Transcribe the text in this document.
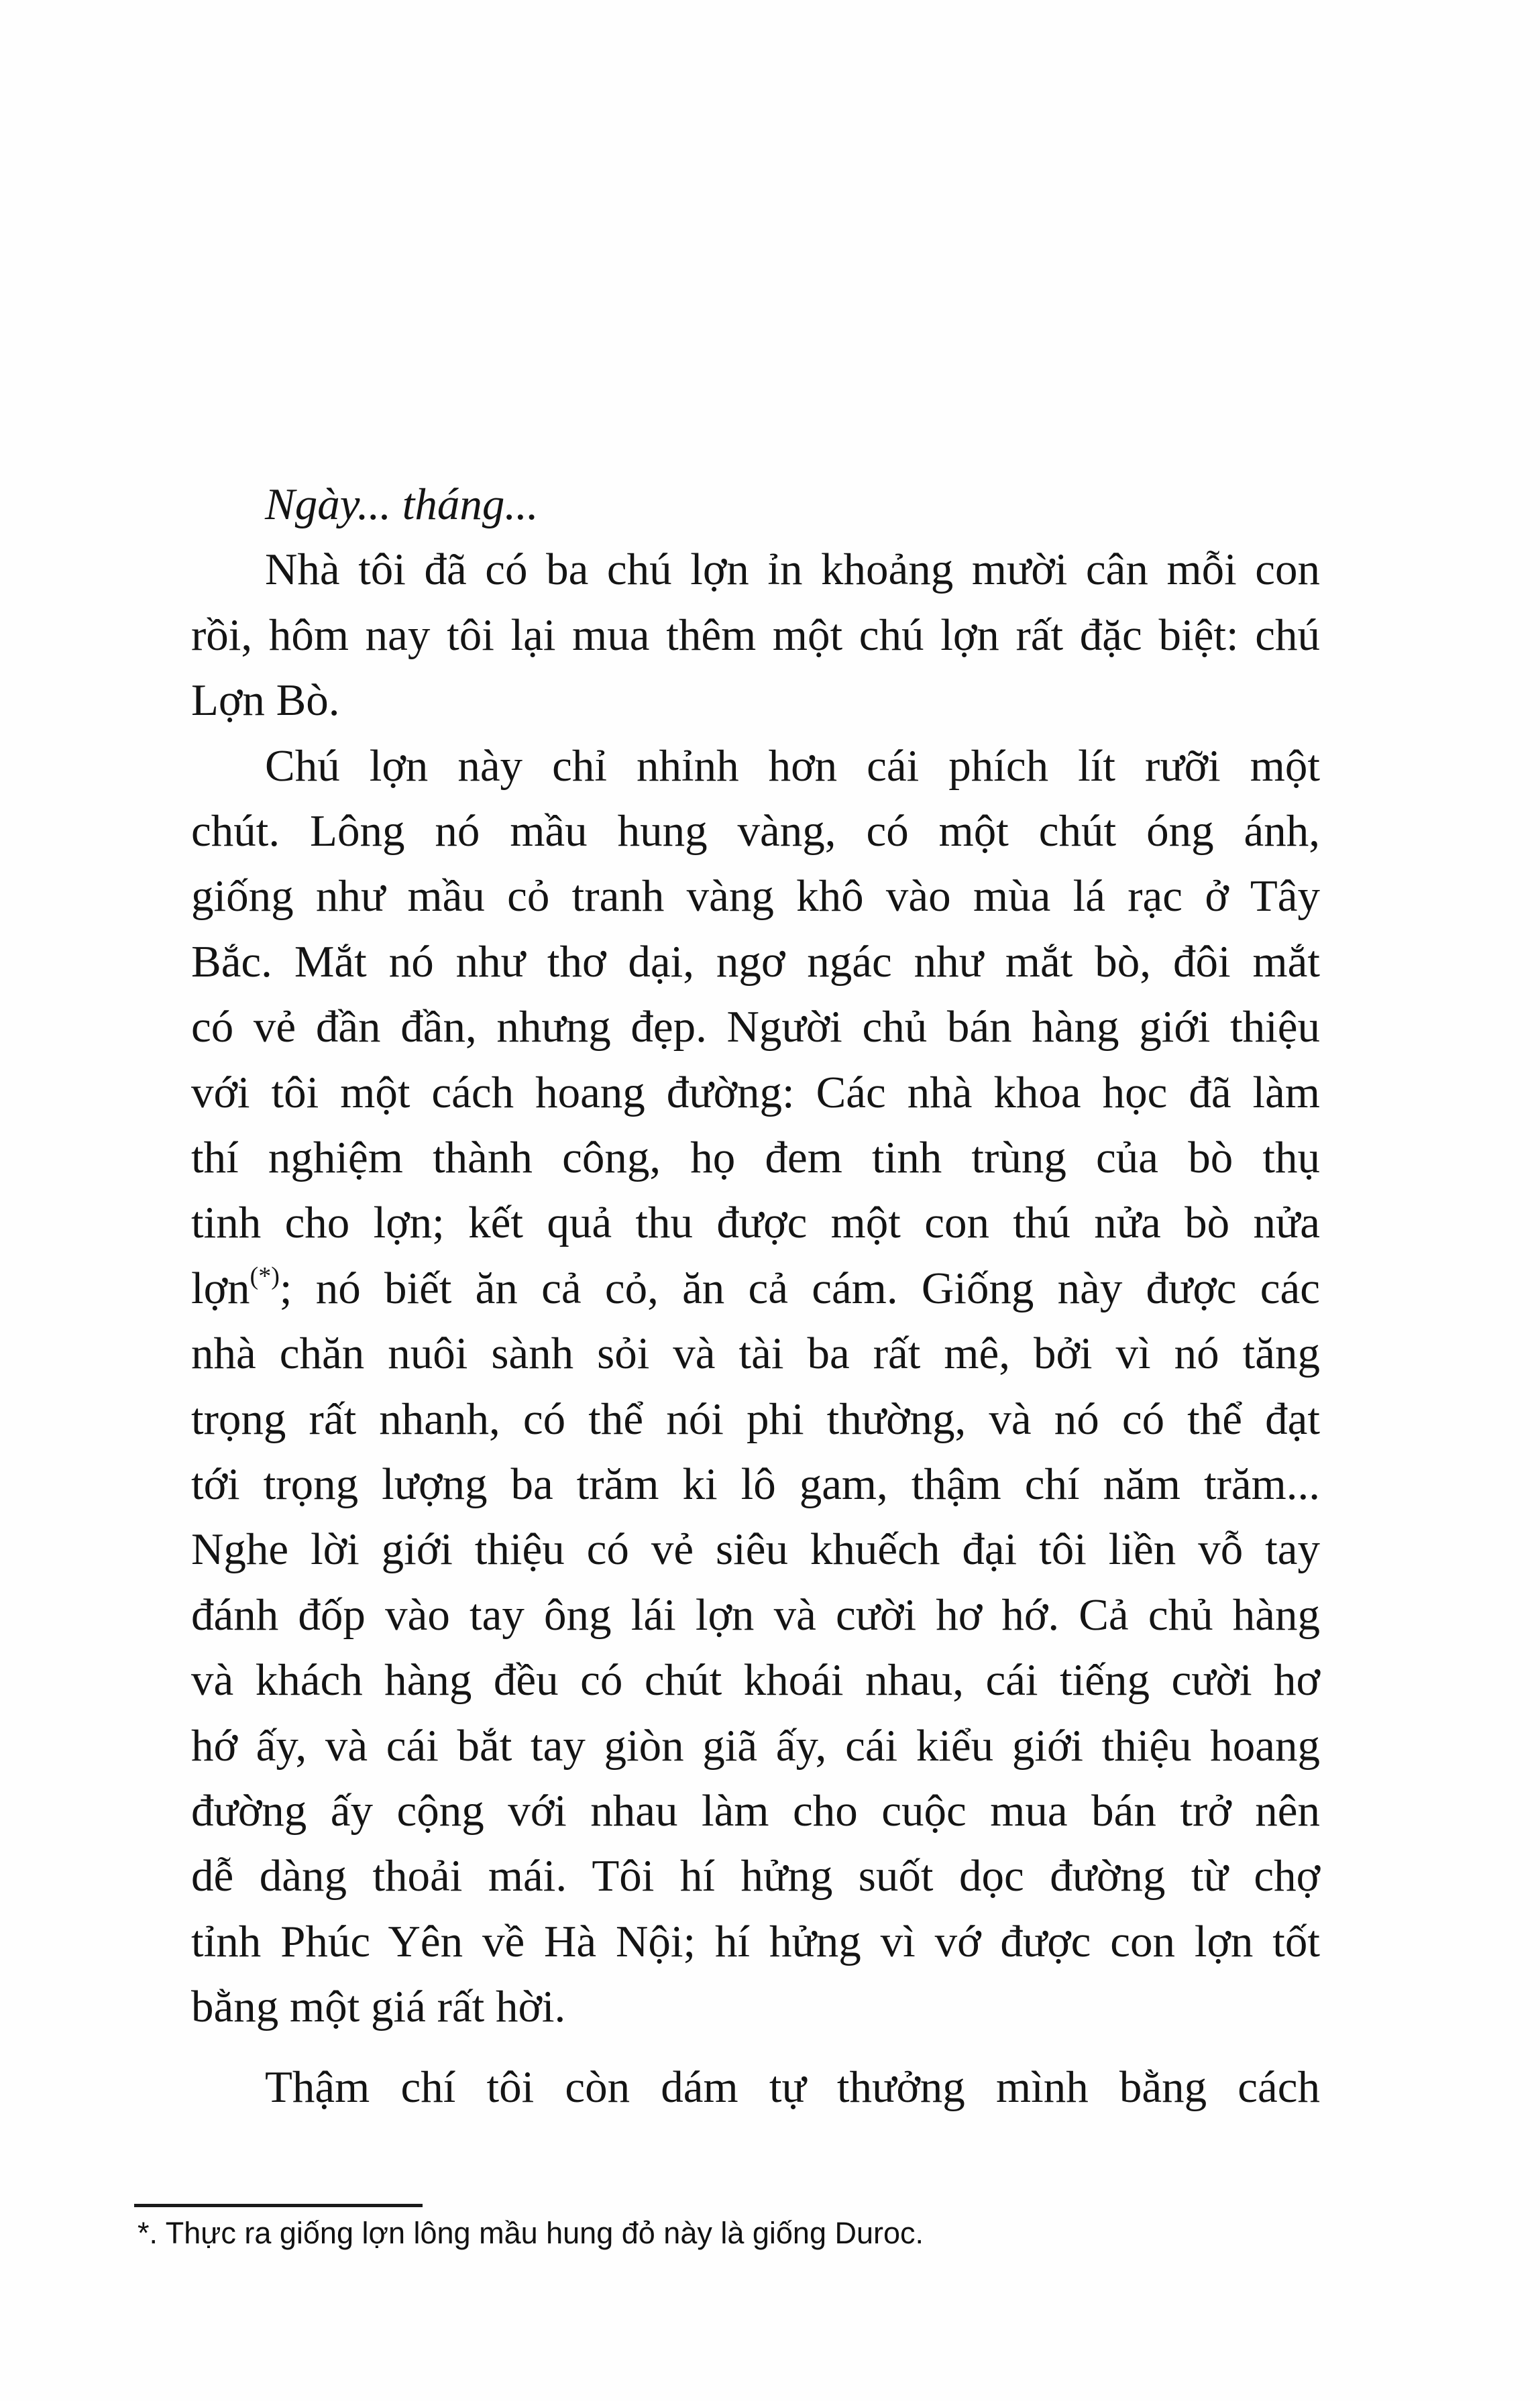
Ngày... tháng...
Nhà tôi đã có ba chú lợn ỉn khoảng mười cân mỗi con
rồi, hôm nay tôi lại mua thêm một chú lợn rất đặc biệt: chú
Lợn Bò.
Chú lợn này chỉ nhỉnh hơn cái phích lít rưỡi một
chút. Lông nó mầu hung vàng, có một chút óng ánh,
giống như mầu cỏ tranh vàng khô vào mùa lá rạc ở Tây
Bắc. Mắt nó như thơ dại, ngơ ngác như mắt bò, đôi mắt
có vẻ đần đần, nhưng đẹp. Người chủ bán hàng giới thiệu
với tôi một cách hoang đường: Các nhà khoa học đã làm
thí nghiệm thành công, họ đem tinh trùng của bò thụ
tinh cho lợn; kết quả thu được một con thú nửa bò nửa
lợn(*); nó biết ăn cả cỏ, ăn cả cám. Giống này được các
nhà chăn nuôi sành sỏi và tài ba rất mê, bởi vì nó tăng
trọng rất nhanh, có thể nói phi thường, và nó có thể đạt
tới trọng lượng ba trăm ki lô gam, thậm chí năm trăm...
Nghe lời giới thiệu có vẻ siêu khuếch đại tôi liền vỗ tay
đánh đốp vào tay ông lái lợn và cười hơ hớ. Cả chủ hàng
và khách hàng đều có chút khoái nhau, cái tiếng cười hơ
hớ ấy, và cái bắt tay giòn giã ấy, cái kiểu giới thiệu hoang
đường ấy cộng với nhau làm cho cuộc mua bán trở nên
dễ dàng thoải mái. Tôi hí hửng suốt dọc đường từ chợ
tỉnh Phúc Yên về Hà Nội; hí hửng vì vớ được con lợn tốt
bằng một giá rất hời.
Thậm chí tôi còn dám tự thưởng mình bằng cách
*. Thực ra giống lợn lông mầu hung đỏ này là giống Duroc.
